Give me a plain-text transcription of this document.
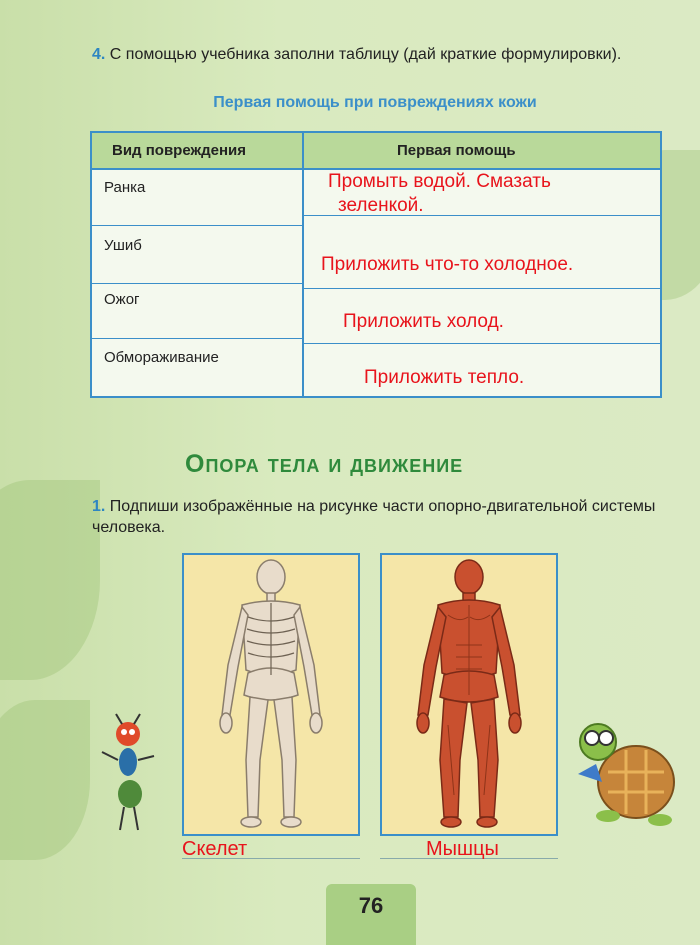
4. С помощью учебника заполни таблицу (дай краткие формулировки).
Первая помощь при повреждениях кожи
Вид повреждения	Первая помощь
Ранка
Ушиб
Ожог
Обмораживание
Промыть водой. Смазать
зеленкой.
Приложить что-то холодное.
Приложить холод.
Приложить тепло.
Опора тела и движение
1. Подпиши изображённые на рисунке части опорно-двигательной системы человека.
Скелет	Мышцы
76
